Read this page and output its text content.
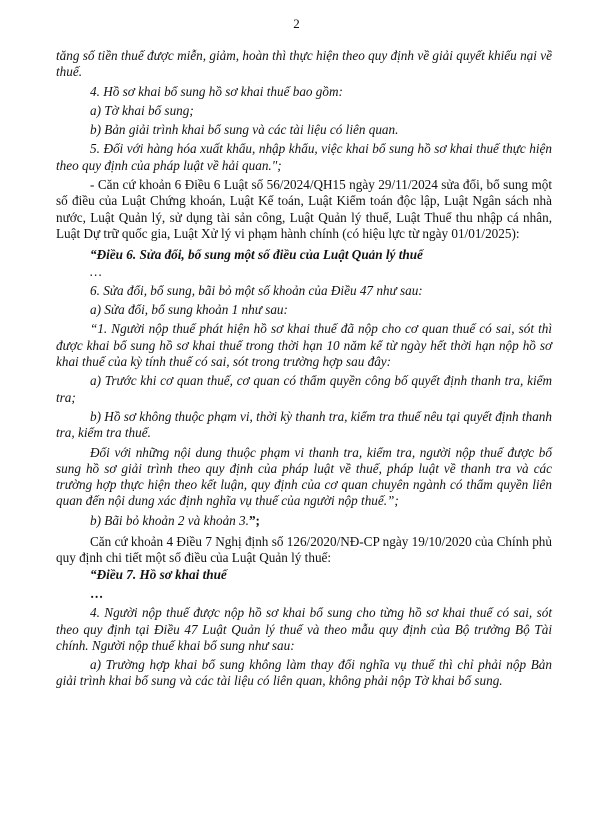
2

tăng số tiền thuế được miễn, giảm, hoàn thì thực hiện theo quy định về giải quyết khiếu nại về thuế.

4. Hồ sơ khai bổ sung hồ sơ khai thuế bao gồm:

a) Tờ khai bổ sung;

b) Bản giải trình khai bổ sung và các tài liệu có liên quan.

5. Đối với hàng hóa xuất khẩu, nhập khẩu, việc khai bổ sung hồ sơ khai thuế thực hiện theo quy định của pháp luật về hải quan.";

- Căn cứ khoản 6 Điều 6 Luật số 56/2024/QH15 ngày 29/11/2024 sửa đổi, bổ sung một số điều của Luật Chứng khoán, Luật Kế toán, Luật Kiểm toán độc lập, Luật Ngân sách nhà nước, Luật Quản lý, sử dụng tài sản công, Luật Quản lý thuế, Luật Thuế thu nhập cá nhân, Luật Dự trữ quốc gia, Luật Xử lý vi phạm hành chính (có hiệu lực từ ngày 01/01/2025):

“Điều 6. Sửa đổi, bổ sung một số điều của Luật Quản lý thuế

…

6. Sửa đổi, bổ sung, bãi bỏ một số khoản của Điều 47 như sau:

a) Sửa đổi, bổ sung khoản 1 như sau:

“1. Người nộp thuế phát hiện hồ sơ khai thuế đã nộp cho cơ quan thuế có sai, sót thì được khai bổ sung hồ sơ khai thuế trong thời hạn 10 năm kể từ ngày hết thời hạn nộp hồ sơ khai thuế của kỳ tính thuế có sai, sót trong trường hợp sau đây:

a) Trước khi cơ quan thuế, cơ quan có thẩm quyền công bố quyết định thanh tra, kiểm tra;

b) Hồ sơ không thuộc phạm vi, thời kỳ thanh tra, kiểm tra thuế nêu tại quyết định thanh tra, kiểm tra thuế.

Đối với những nội dung thuộc phạm vi thanh tra, kiểm tra, người nộp thuế được bổ sung hồ sơ giải trình theo quy định của pháp luật về thuế, pháp luật về thanh tra và các trường hợp thực hiện theo kết luận, quy định của cơ quan chuyên ngành có thẩm quyền liên quan đến nội dung xác định nghĩa vụ thuế của người nộp thuế.”;

b) Bãi bỏ khoản 2 và khoản 3.”;

Căn cứ khoản 4 Điều 7 Nghị định số 126/2020/NĐ-CP ngày 19/10/2020 của Chính phủ quy định chi tiết một số điều của Luật Quản lý thuế:

“Điều 7. Hồ sơ khai thuế

…

4. Người nộp thuế được nộp hồ sơ khai bổ sung cho từng hồ sơ khai thuế có sai, sót theo quy định tại Điều 47 Luật Quản lý thuế và theo mẫu quy định của Bộ trưởng Bộ Tài chính. Người nộp thuế khai bổ sung như sau:

a) Trường hợp khai bổ sung không làm thay đổi nghĩa vụ thuế thì chỉ phải nộp Bản giải trình khai bổ sung và các tài liệu có liên quan, không phải nộp Tờ khai bổ sung.
